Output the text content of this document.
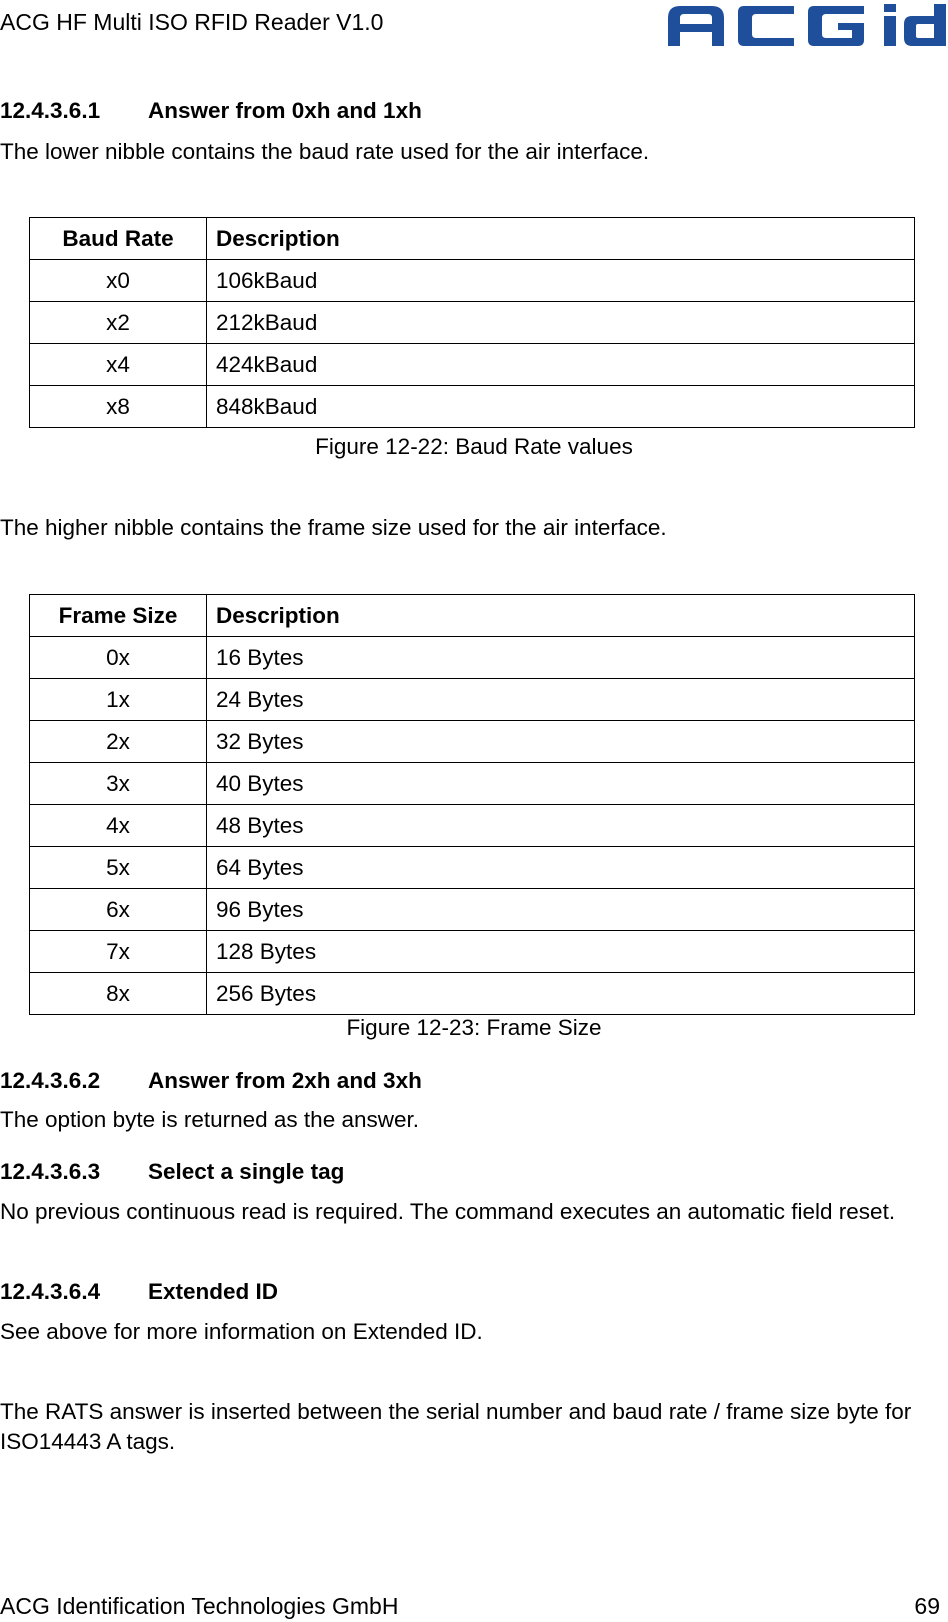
ACG HF Multi ISO RFID Reader V1.0
12.4.3.6.1 Answer from 0xh and 1xh
The lower nibble contains the baud rate used for the air interface.
Baud Rate	Description
x0	106kBaud
x2	212kBaud
x4	424kBaud
x8	848kBaud
Figure 12-22: Baud Rate values
The higher nibble contains the frame size used for the air interface.
Frame Size	Description
0x	16 Bytes
1x	24 Bytes
2x	32 Bytes
3x	40 Bytes
4x	48 Bytes
5x	64 Bytes
6x	96 Bytes
7x	128 Bytes
8x	256 Bytes
Figure 12-23: Frame Size
12.4.3.6.2 Answer from 2xh and 3xh
The option byte is returned as the answer.
12.4.3.6.3 Select a single tag
No previous continuous read is required. The command executes an automatic field reset.
12.4.3.6.4 Extended ID
See above for more information on Extended ID.
The RATS answer is inserted between the serial number and baud rate / frame size byte for ISO14443 A tags.
ACG Identification Technologies GmbH	69
